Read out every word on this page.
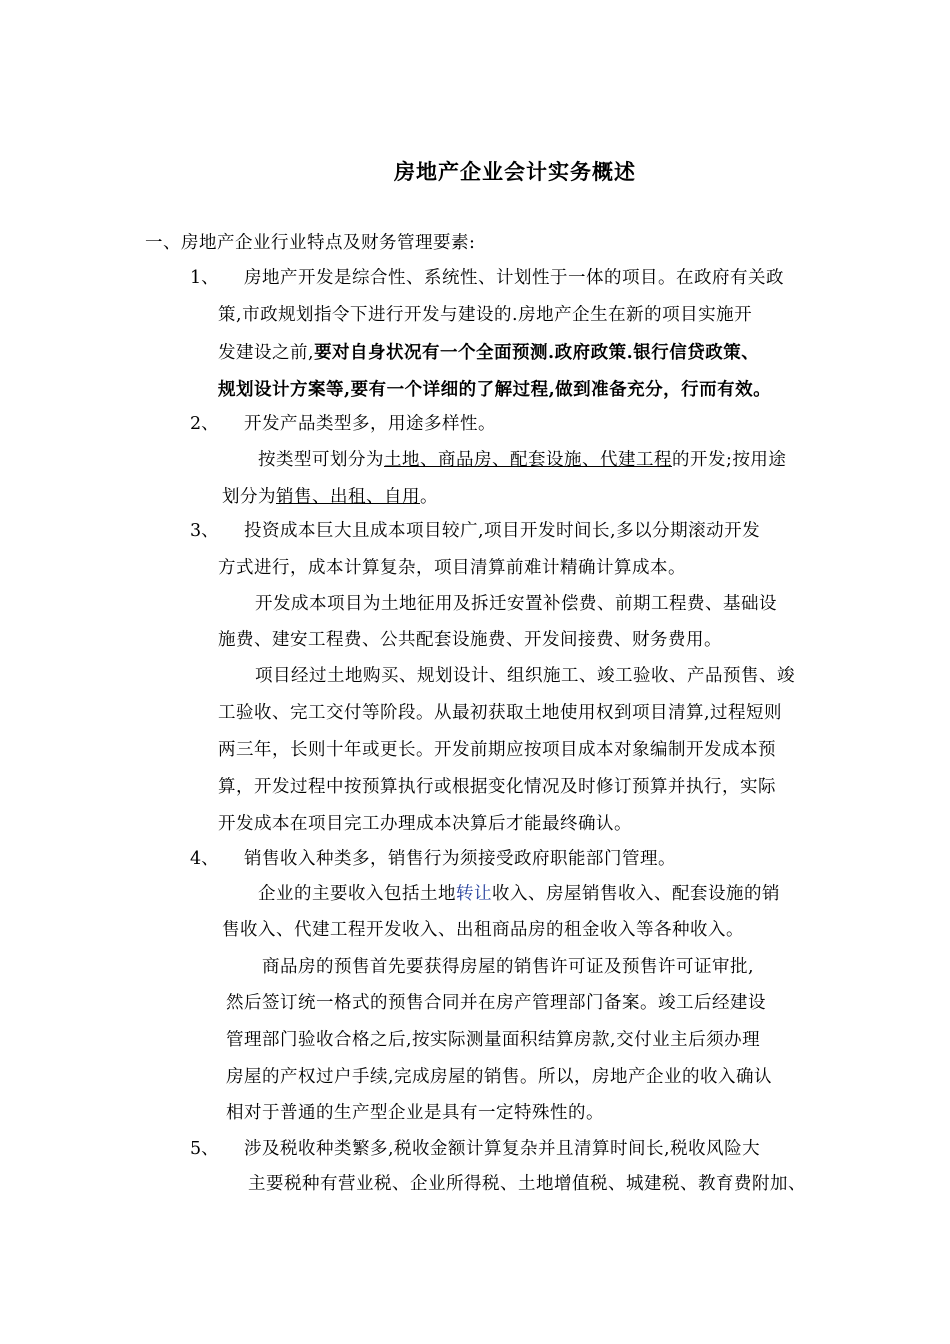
房地产企业会计实务概述
一、房地产企业行业特点及财务管理要素:
1、 房地产开发是综合性、系统性、计划性于一体的项目。在政府有关政
策,市政规划指令下进行开发与建设的.房地产企生在新的项目实施开
发建设之前,要对自身状况有一个全面预测.政府政策.银行信贷政策、
规划设计方案等,要有一个详细的了解过程,做到准备充分，行而有效。
2、 开发产品类型多，用途多样性。
按类型可划分为土地、商品房、配套设施、代建工程的开发;按用途
划分为销售、出租、自用。
3、 投资成本巨大且成本项目较广,项目开发时间长,多以分期滚动开发
方式进行，成本计算复杂，项目清算前难计精确计算成本。
开发成本项目为土地征用及拆迁安置补偿费、前期工程费、基础设
施费、建安工程费、公共配套设施费、开发间接费、财务费用。
项目经过土地购买、规划设计、组织施工、竣工验收、产品预售、竣
工验收、完工交付等阶段。从最初获取土地使用权到项目清算,过程短则
两三年，长则十年或更长。开发前期应按项目成本对象编制开发成本预
算，开发过程中按预算执行或根据变化情况及时修订预算并执行，实际
开发成本在项目完工办理成本决算后才能最终确认。
4、 销售收入种类多，销售行为须接受政府职能部门管理。
企业的主要收入包括土地转让收入、房屋销售收入、配套设施的销
售收入、代建工程开发收入、出租商品房的租金收入等各种收入。
商品房的预售首先要获得房屋的销售许可证及预售许可证审批,
然后签订统一格式的预售合同并在房产管理部门备案。竣工后经建设
管理部门验收合格之后,按实际测量面积结算房款,交付业主后须办理
房屋的产权过户手续,完成房屋的销售。所以，房地产企业的收入确认
相对于普通的生产型企业是具有一定特殊性的。
5、 涉及税收种类繁多,税收金额计算复杂并且清算时间长,税收风险大
主要税种有营业税、企业所得税、土地增值税、城建税、教育费附加、
